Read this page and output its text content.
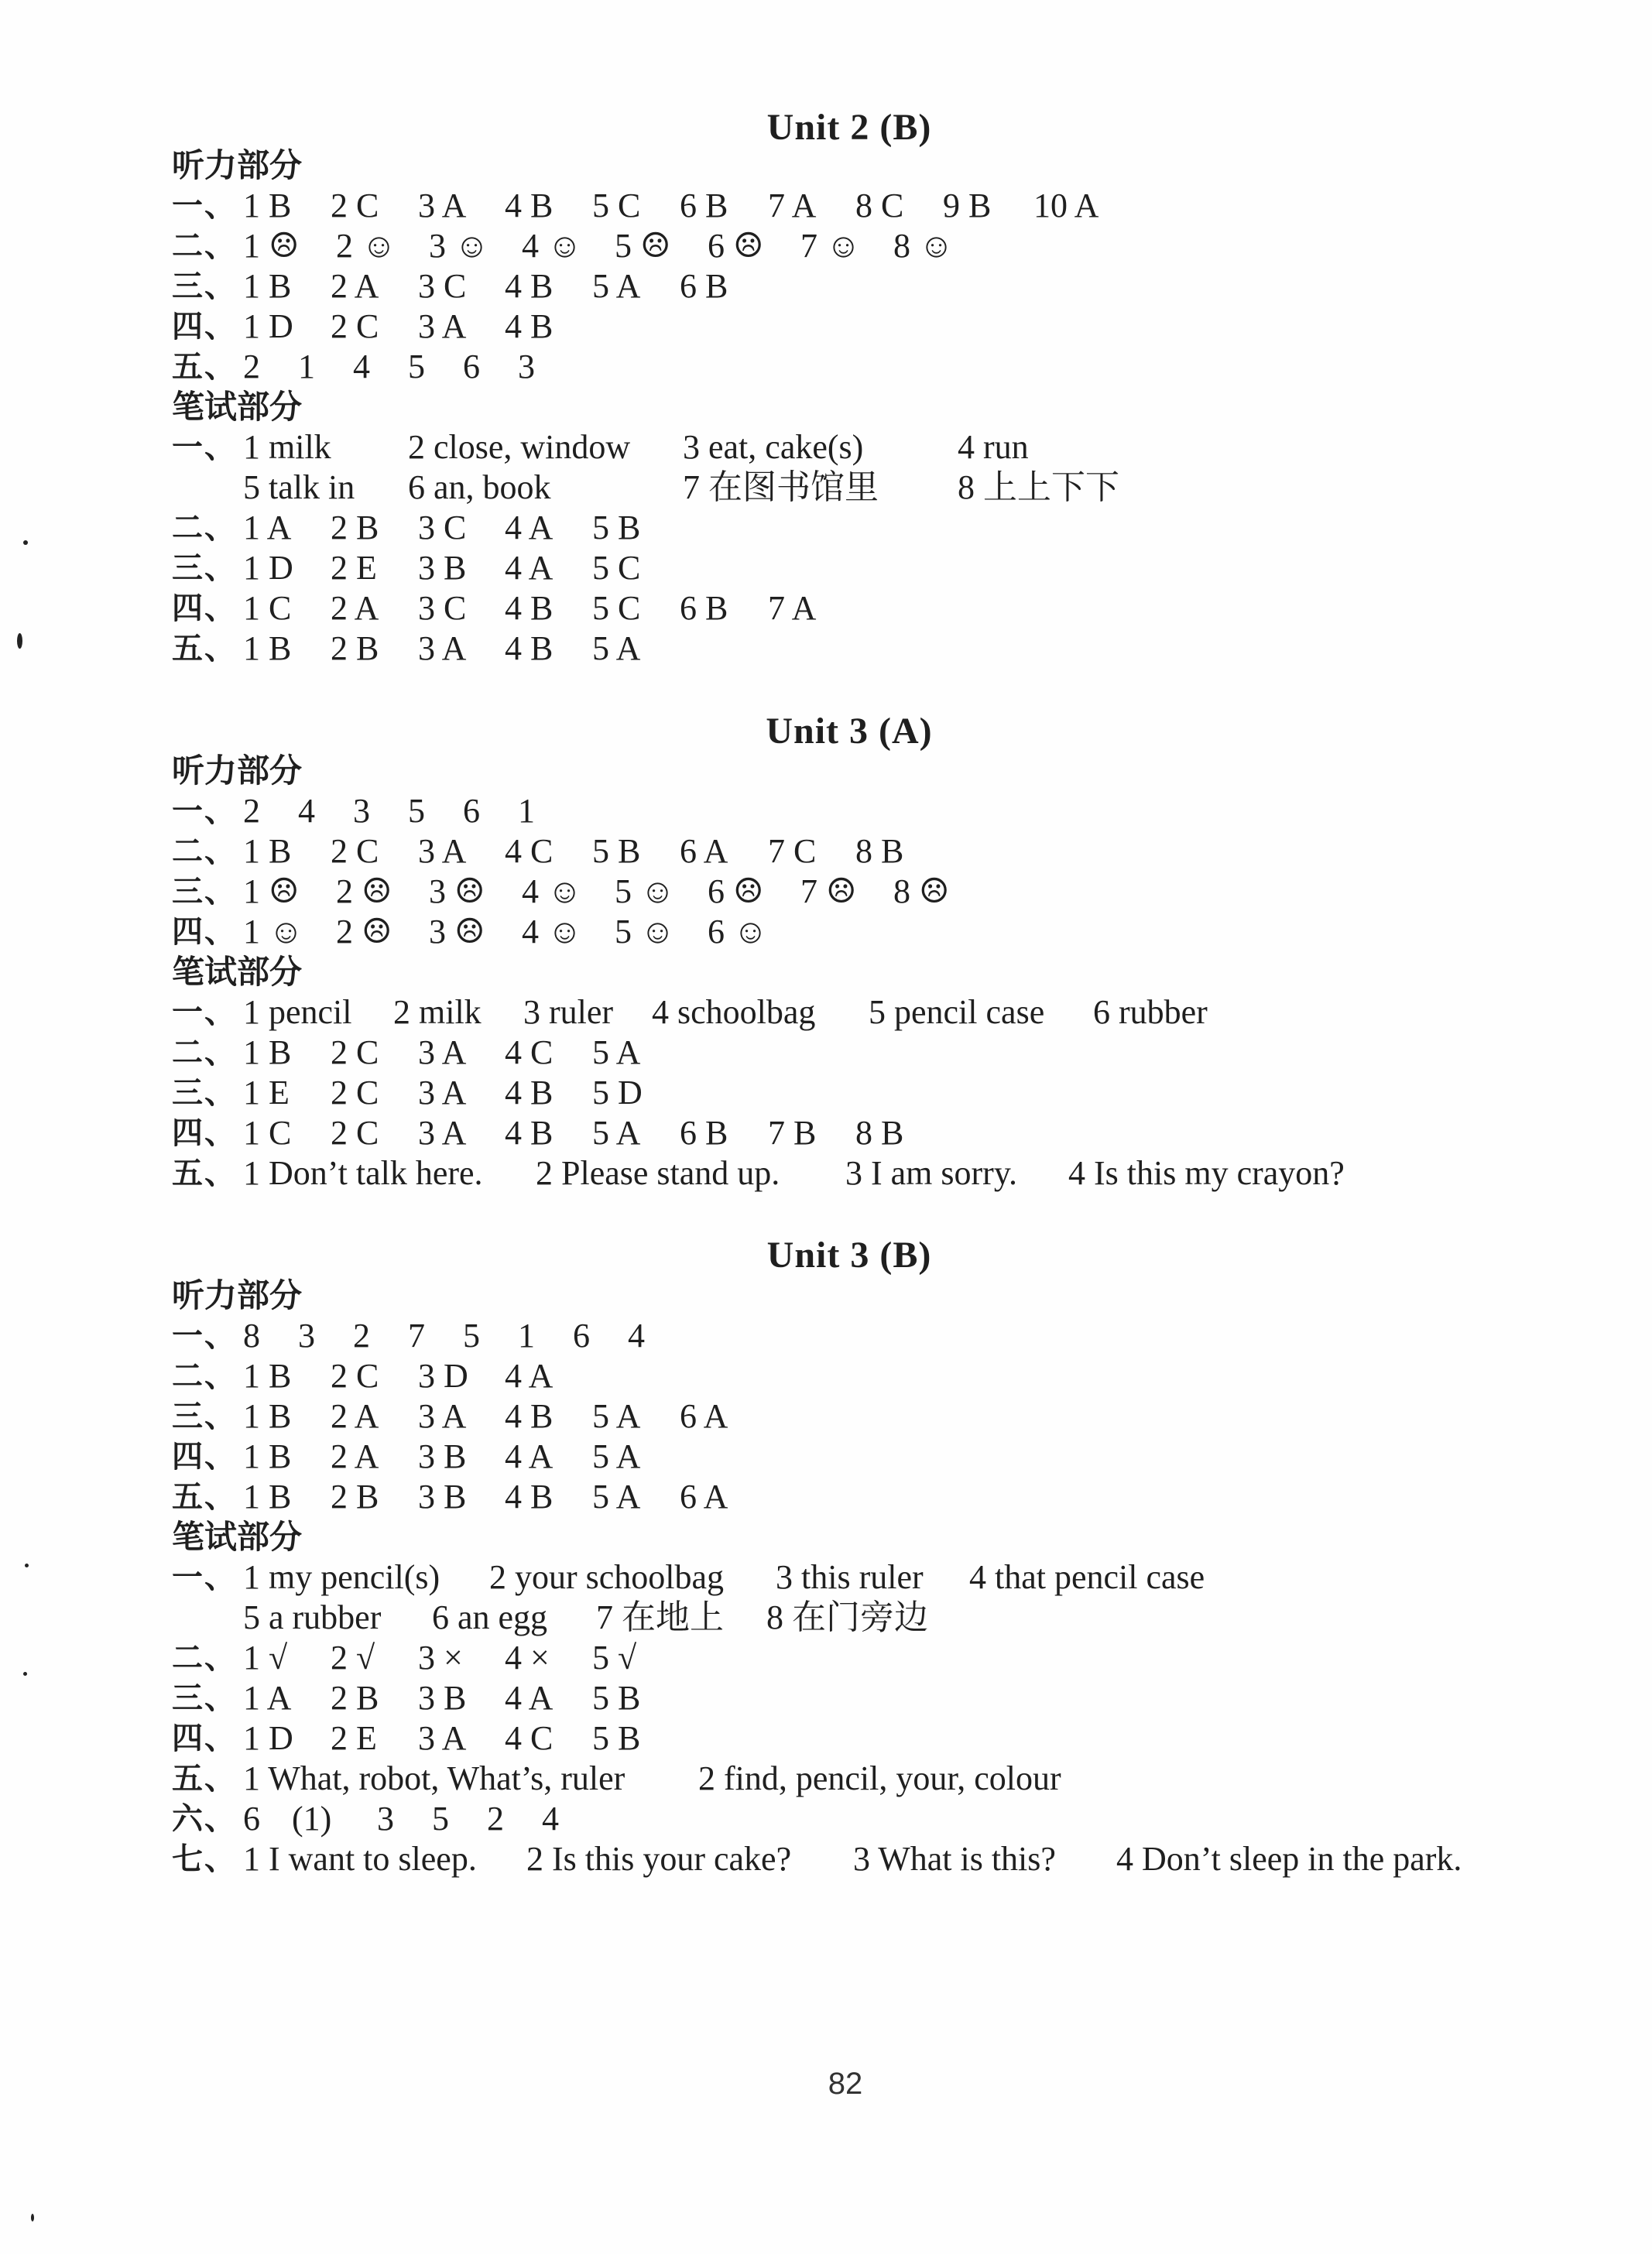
Unit 2 (B)
听力部分
一、 1 B 2 C 3 A 4 B 5 C 6 B 7 A 8 C 9 B 10 A
二、 1 ☹ 2 ☺ 3 ☺ 4 ☺ 5 ☹ 6 ☹ 7 ☺ 8 ☺
三、 1 B 2 A 3 C 4 B 5 A 6 B
四、 1 D 2 C 3 A 4 B
五、 2 1 4 5 6 3
笔试部分
一、 1 milk 2 close, window 3 eat, cake(s)	4 run
5 talk in 6 an, book	7 在图书馆里 8 上上下下
二、 1 A 2 B 3 C 4 A 5 B
三、 1 D 2 E 3 B 4 A 5 C
四、 1 C 2 A 3 C 4 B 5 C 6 B 7 A
五、 1 B 2 B 3 A 4 B 5 A
Unit 3 (A)
听力部分
一、 2 4 3 5 6 1
二、 1 B 2 C 3 A 4 C 5 B 6 A 7 C 8 B
三、 1 ☹ 2 ☹ 3 ☹ 4 ☺ 5 ☺ 6 ☹ 7 ☹ 8 ☹
四、 1 ☺ 2 ☹ 3 ☹ 4 ☺ 5 ☺ 6 ☺
笔试部分
一、 1 pencil 2 milk 3 ruler 4 schoolbag 5 pencil case 6 rubber
二、 1 B 2 C 3 A 4 C 5 A
三、 1 E 2 C 3 A 4 B 5 D
四、 1 C 2 C 3 A 4 B 5 A 6 B 7 B 8 B
五、 1 Don’t talk here. 2 Please stand up. 3 I am sorry. 4 Is this my crayon?
Unit 3 (B)
听力部分
一、 8 3 2 7 5 1 6 4
二、 1 B 2 C 3 D 4 A
三、 1 B 2 A 3 A 4 B 5 A 6 A
四、 1 B 2 A 3 B 4 A 5 A
五、 1 B 2 B 3 B 4 B 5 A 6 A
笔试部分
一、 1 my pencil(s) 2 your schoolbag 3 this ruler 4 that pencil case
5 a rubber 6 an egg 7 在地上 8 在门旁边
二、 1 √ 2 √ 3 × 4 × 5 √
三、 1 A 2 B 3 B 4 A 5 B
四、 1 D 2 E 3 A 4 C 5 B
五、 1 What, robot, What’s, ruler 2 find, pencil, your, colour
六、 6 (1) 3 5 2 4
七、 1 I want to sleep. 2 Is this your cake? 3 What is this? 4 Don’t sleep in the park.
82
